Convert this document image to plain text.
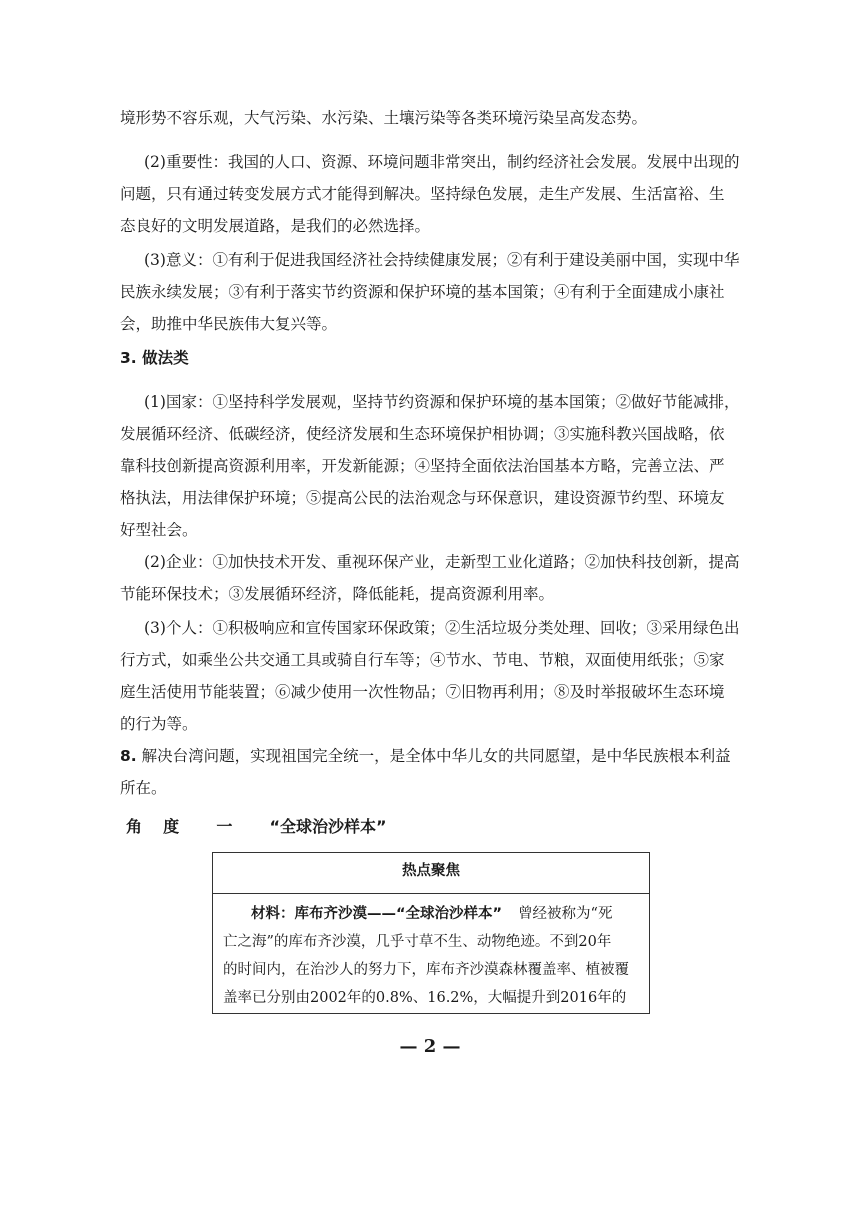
境形势不容乐观，大气污染、水污染、土壤污染等各类环境污染呈高发态势。

(2)重要性：我国的人口、资源、环境问题非常突出，制约经济社会发展。发展中出现的
问题，只有通过转变发展方式才能得到解决。坚持绿色发展，走生产发展、生活富裕、生
态良好的文明发展道路，是我们的必然选择。

(3)意义：①有利于促进我国经济社会持续健康发展；②有利于建设美丽中国，实现中华
民族永续发展；③有利于落实节约资源和保护环境的基本国策；④有利于全面建成小康社
会，助推中华民族伟大复兴等。

3. 做法类

(1)国家：①坚持科学发展观，坚持节约资源和保护环境的基本国策；②做好节能减排，
发展循环经济、低碳经济，使经济发展和生态环境保护相协调；③实施科教兴国战略，依
靠科技创新提高资源利用率，开发新能源；④坚持全面依法治国基本方略，完善立法、严
格执法，用法律保护环境；⑤提高公民的法治观念与环保意识，建设资源节约型、环境友
好型社会。

(2)企业：①加快技术开发、重视环保产业，走新型工业化道路；②加快科技创新，提高
节能环保技术；③发展循环经济，降低能耗，提高资源利用率。

(3)个人：①积极响应和宣传国家环保政策；②生活垃圾分类处理、回收；③采用绿色出
行方式，如乘坐公共交通工具或骑自行车等；④节水、节电、节粮，双面使用纸张；⑤家
庭生活使用节能装置；⑥减少使用一次性物品；⑦旧物再利用；⑧及时举报破坏生态环境
的行为等。

8. 解决台湾问题，实现祖国完全统一，是全体中华儿女的共同愿望，是中华民族根本利益
所在。

角 度 一 “全球治沙样本”
热点聚焦
材料：库布齐沙漠——“全球治沙样本” 曾经被称为“死
亡之海”的库布齐沙漠，几乎寸草不生、动物绝迹。不到20年
的时间内，在治沙人的努力下，库布齐沙漠森林覆盖率、植被覆
盖率已分别由2002年的0.8%、16.2%，大幅提升到2016年的
— 2 —
